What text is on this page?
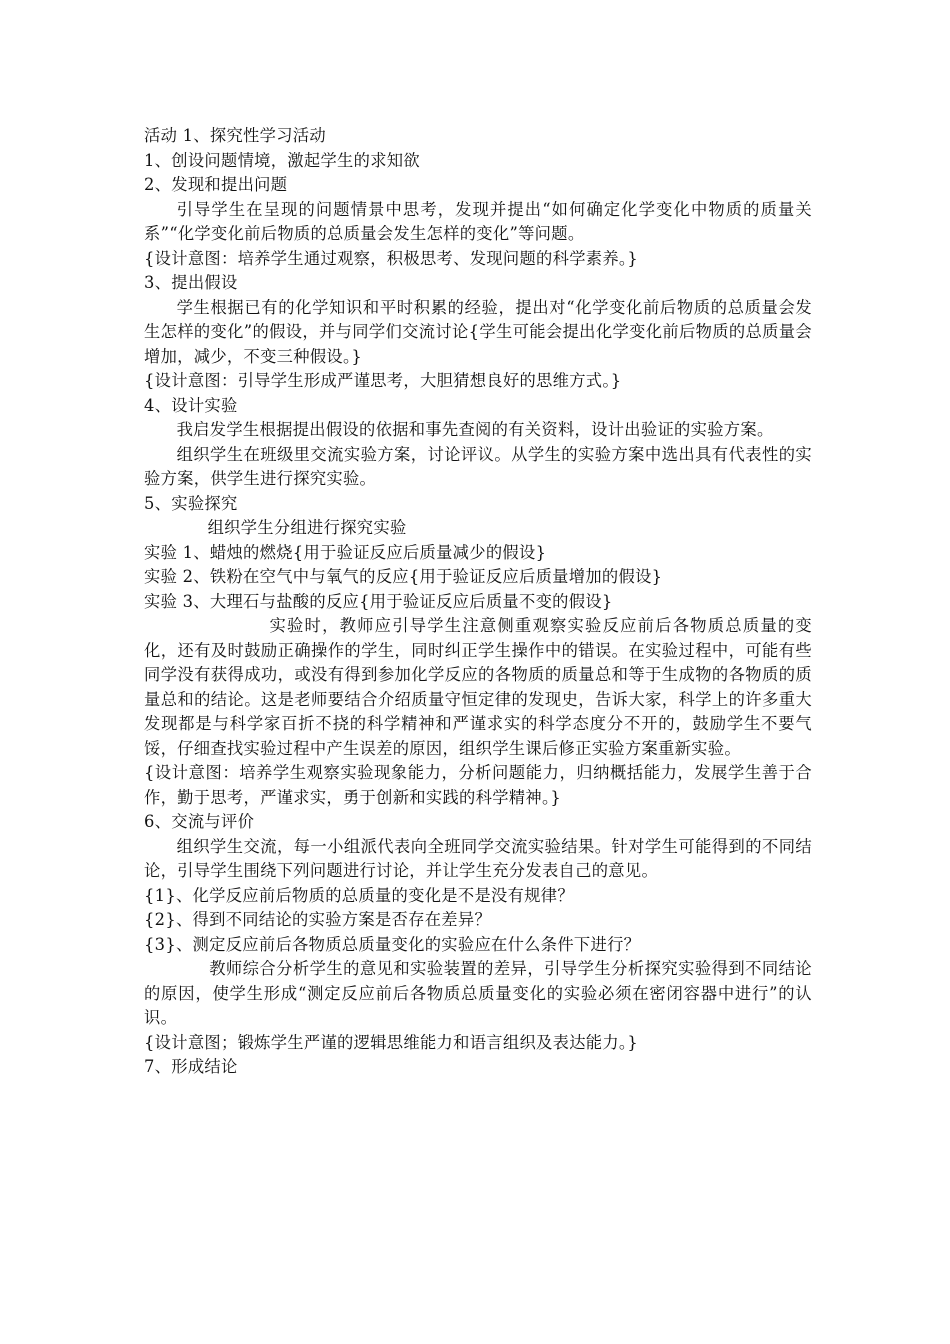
活动 1、探究性学习活动

1、创设问题情境，激起学生的求知欲

2、发现和提出问题

引导学生在呈现的问题情景中思考，发现并提出“如何确定化学变化中物质的质量关系”“化学变化前后物质的总质量会发生怎样的变化”等问题。

{设计意图：培养学生通过观察，积极思考、发现问题的科学素养。}

3、提出假设

学生根据已有的化学知识和平时积累的经验，提出对“化学变化前后物质的总质量会发生怎样的变化”的假设，并与同学们交流讨论{学生可能会提出化学变化前后物质的总质量会增加，减少，不变三种假设。}

{设计意图：引导学生形成严谨思考，大胆猜想良好的思维方式。}

4、设计实验

我启发学生根据提出假设的依据和事先查阅的有关资料，设计出验证的实验方案。

组织学生在班级里交流实验方案，讨论评议。从学生的实验方案中选出具有代表性的实验方案，供学生进行探究实验。

5、实验探究

组织学生分组进行探究实验

实验 1、蜡烛的燃烧{用于验证反应后质量减少的假设}

实验 2、铁粉在空气中与氧气的反应{用于验证反应后质量增加的假设}

实验 3、大理石与盐酸的反应{用于验证反应后质量不变的假设}

实验时，教师应引导学生注意侧重观察实验反应前后各物质总质量的变化，还有及时鼓励正确操作的学生，同时纠正学生操作中的错误。在实验过程中，可能有些同学没有获得成功，或没有得到参加化学反应的各物质的质量总和等于生成物的各物质的质量总和的结论。这是老师要结合介绍质量守恒定律的发现史，告诉大家，科学上的许多重大发现都是与科学家百折不挠的科学精神和严谨求实的科学态度分不开的，鼓励学生不要气馁，仔细查找实验过程中产生误差的原因，组织学生课后修正实验方案重新实验。

{设计意图：培养学生观察实验现象能力，分析问题能力，归纳概括能力，发展学生善于合作，勤于思考，严谨求实，勇于创新和实践的科学精神。}

6、交流与评价

组织学生交流，每一小组派代表向全班同学交流实验结果。针对学生可能得到的不同结论，引导学生围绕下列问题进行讨论，并让学生充分发表自己的意见。

{1}、化学反应前后物质的总质量的变化是不是没有规律？

{2}、得到不同结论的实验方案是否存在差异？

{3}、测定反应前后各物质总质量变化的实验应在什么条件下进行？

教师综合分析学生的意见和实验装置的差异，引导学生分析探究实验得到不同结论的原因，使学生形成“测定反应前后各物质总质量变化的实验必须在密闭容器中进行”的认识。

{设计意图；锻炼学生严谨的逻辑思维能力和语言组织及表达能力。}

7、形成结论
